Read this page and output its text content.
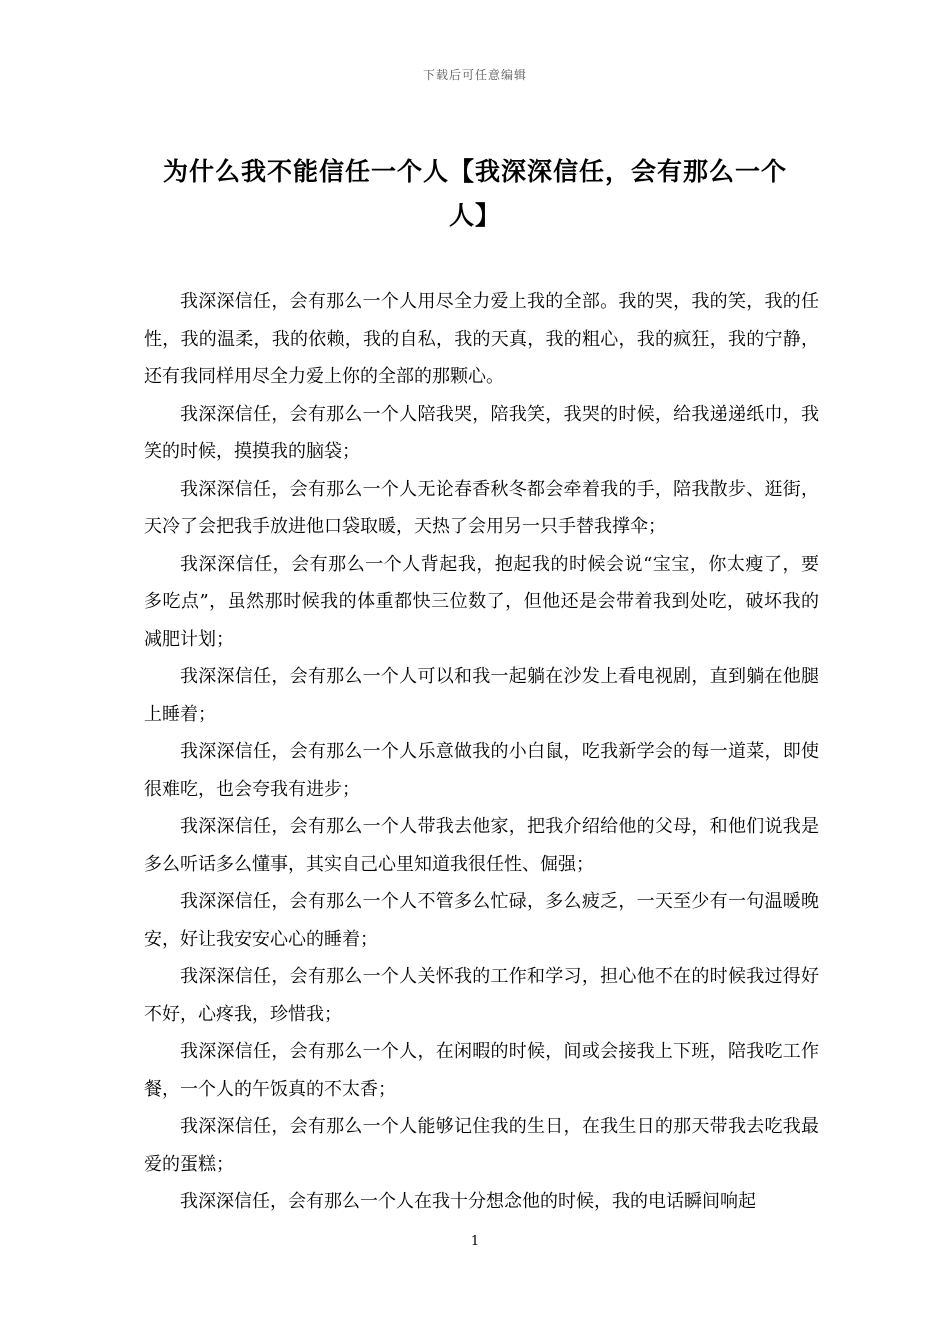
下载后可任意编辑
为什么我不能信任一个人【我深深信任，会有那么一个人】

我深深信任，会有那么一个人用尽全力爱上我的全部。我的哭，我的笑，我的任性，我的温柔，我的依赖，我的自私，我的天真，我的粗心，我的疯狂，我的宁静，还有我同样用尽全力爱上你的全部的那颗心。

我深深信任，会有那么一个人陪我哭，陪我笑，我哭的时候，给我递递纸巾，我笑的时候，摸摸我的脑袋；

我深深信任，会有那么一个人无论春香秋冬都会牵着我的手，陪我散步、逛街，天冷了会把我手放进他口袋取暖，天热了会用另一只手替我撑伞；

我深深信任，会有那么一个人背起我，抱起我的时候会说“宝宝，你太瘦了，要多吃点”，虽然那时候我的体重都快三位数了，但他还是会带着我到处吃，破坏我的减肥计划；

我深深信任，会有那么一个人可以和我一起躺在沙发上看电视剧，直到躺在他腿上睡着；

我深深信任，会有那么一个人乐意做我的小白鼠，吃我新学会的每一道菜，即使很难吃，也会夸我有进步；

我深深信任，会有那么一个人带我去他家，把我介绍给他的父母，和他们说我是多么听话多么懂事，其实自己心里知道我很任性、倔强；

我深深信任，会有那么一个人不管多么忙碌，多么疲乏，一天至少有一句温暖晚安，好让我安安心心的睡着；

我深深信任，会有那么一个人关怀我的工作和学习，担心他不在的时候我过得好不好，心疼我，珍惜我；

我深深信任，会有那么一个人，在闲暇的时候，间或会接我上下班，陪我吃工作餐，一个人的午饭真的不太香；

我深深信任，会有那么一个人能够记住我的生日，在我生日的那天带我去吃我最爱的蛋糕；

我深深信任，会有那么一个人在我十分想念他的时候，我的电话瞬间响起

1
